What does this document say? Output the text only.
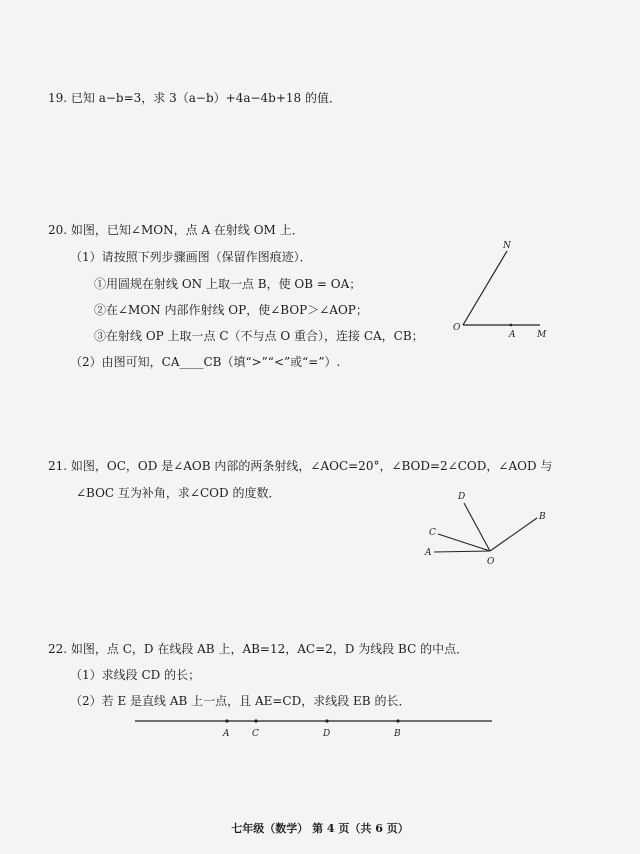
19. 已知 a−b=3，求 3（a−b）+4a−4b+18 的值．
20. 如图，已知∠MON，点 A 在射线 OM 上．
（1）请按照下列步骤画图（保留作图痕迹）．
①用圆规在射线 ON 上取一点 B，使 OB = OA；
②在∠MON 内部作射线 OP，使∠BOP＞∠AOP；
③在射线 OP 上取一点 C（不与点 O 重合），连接 CA，CB；
（2）由图可知，CA____CB（填“>”“<”或“=”）.
N
O
A M
21. 如图，OC，OD 是∠AOB 内部的两条射线，∠AOC=20°，∠BOD=2∠COD，∠AOD 与
∠BOC 互为补角，求∠COD 的度数．	D
C
A
O
B
22. 如图，点 C，D 在线段 AB 上，AB=12，AC=2，D 为线段 BC 的中点．
（1）求线段 CD 的长；
（2）若 E 是直线 AB 上一点，且 AE=CD，求线段 EB 的长．
A	C	D	B
七年级（数学） 第 4 页（共 6 页）
